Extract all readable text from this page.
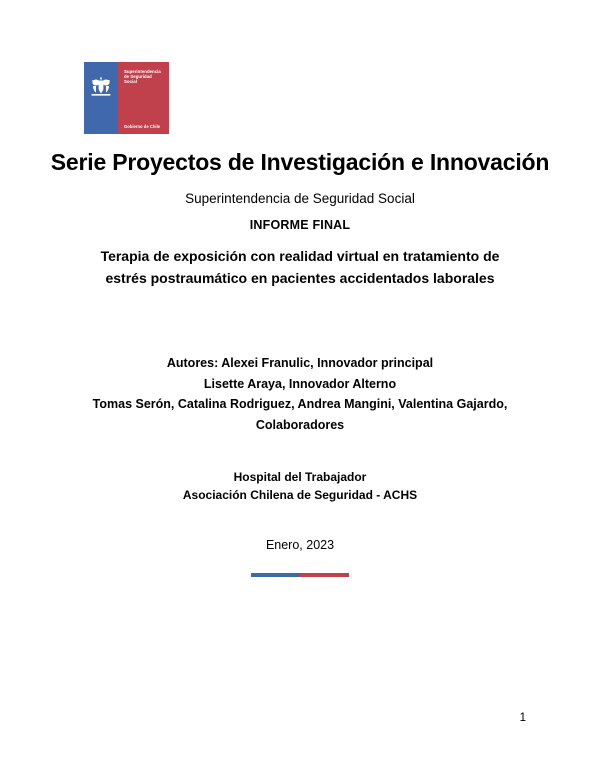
Superintendencia de Seguridad Social
Gobierno de Chile
Serie Proyectos de Investigación e Innovación
Superintendencia de Seguridad Social
INFORME FINAL
Terapia de exposición con realidad virtual en tratamiento de
estrés postraumático en pacientes accidentados laborales
Autores: Alexei Franulic, Innovador principal
Lisette Araya, Innovador Alterno
Tomas Serón, Catalina Rodriguez, Andrea Mangini, Valentina Gajardo,
Colaboradores
Hospital del Trabajador
Asociación Chilena de Seguridad - ACHS
Enero, 2023
1
